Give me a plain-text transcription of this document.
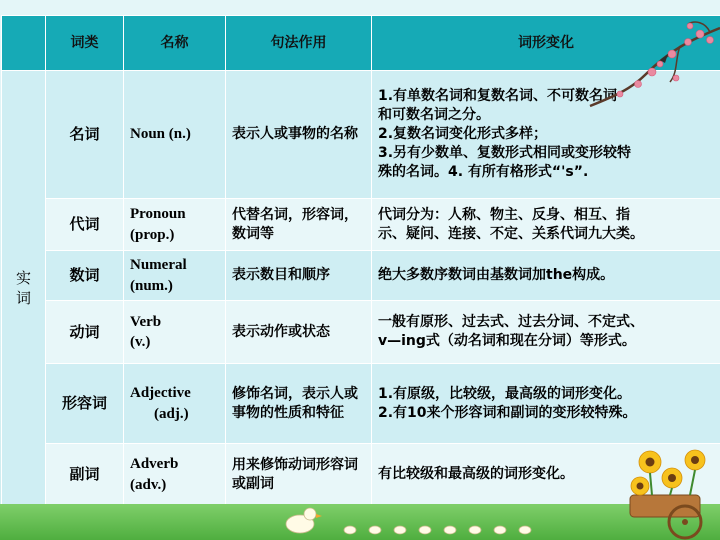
	词类	名称	句法作用	词形变化

实
词	名词	Noun (n.)	表示人或事物的名称	1.有单数名词和复数名词、不可数名词
和可数名词之分。
2.复数名词变化形式多样；
3.另有少数单、复数形式相同或变形较特
殊的名词。4. 有所有格形式“'s”.

	代词	Pronoun
(prop.)	代替名词，形容词，数词等	代词分为：人称、物主、反身、相互、指
示、疑问、连接、不定、关系代词九大类。

	数词	Numeral
(num.)	表示数目和顺序	绝大多数序数词由基数词加the构成。

	动词	Verb
(v.)	表示动作或状态	一般有原形、过去式、过去分词、不定式、
v—ing式（动名词和现在分词）等形式。

	形容词	Adjective
(adj.)	修饰名词，表示人或事物的性质和特征	1.有原级，比较级，最高级的词形变化。
2.有10来个形容词和副词的变形较特殊。

	副词	Adverb
(adv.)	用来修饰动词形容词或副词	有比较级和最高级的词形变化。
